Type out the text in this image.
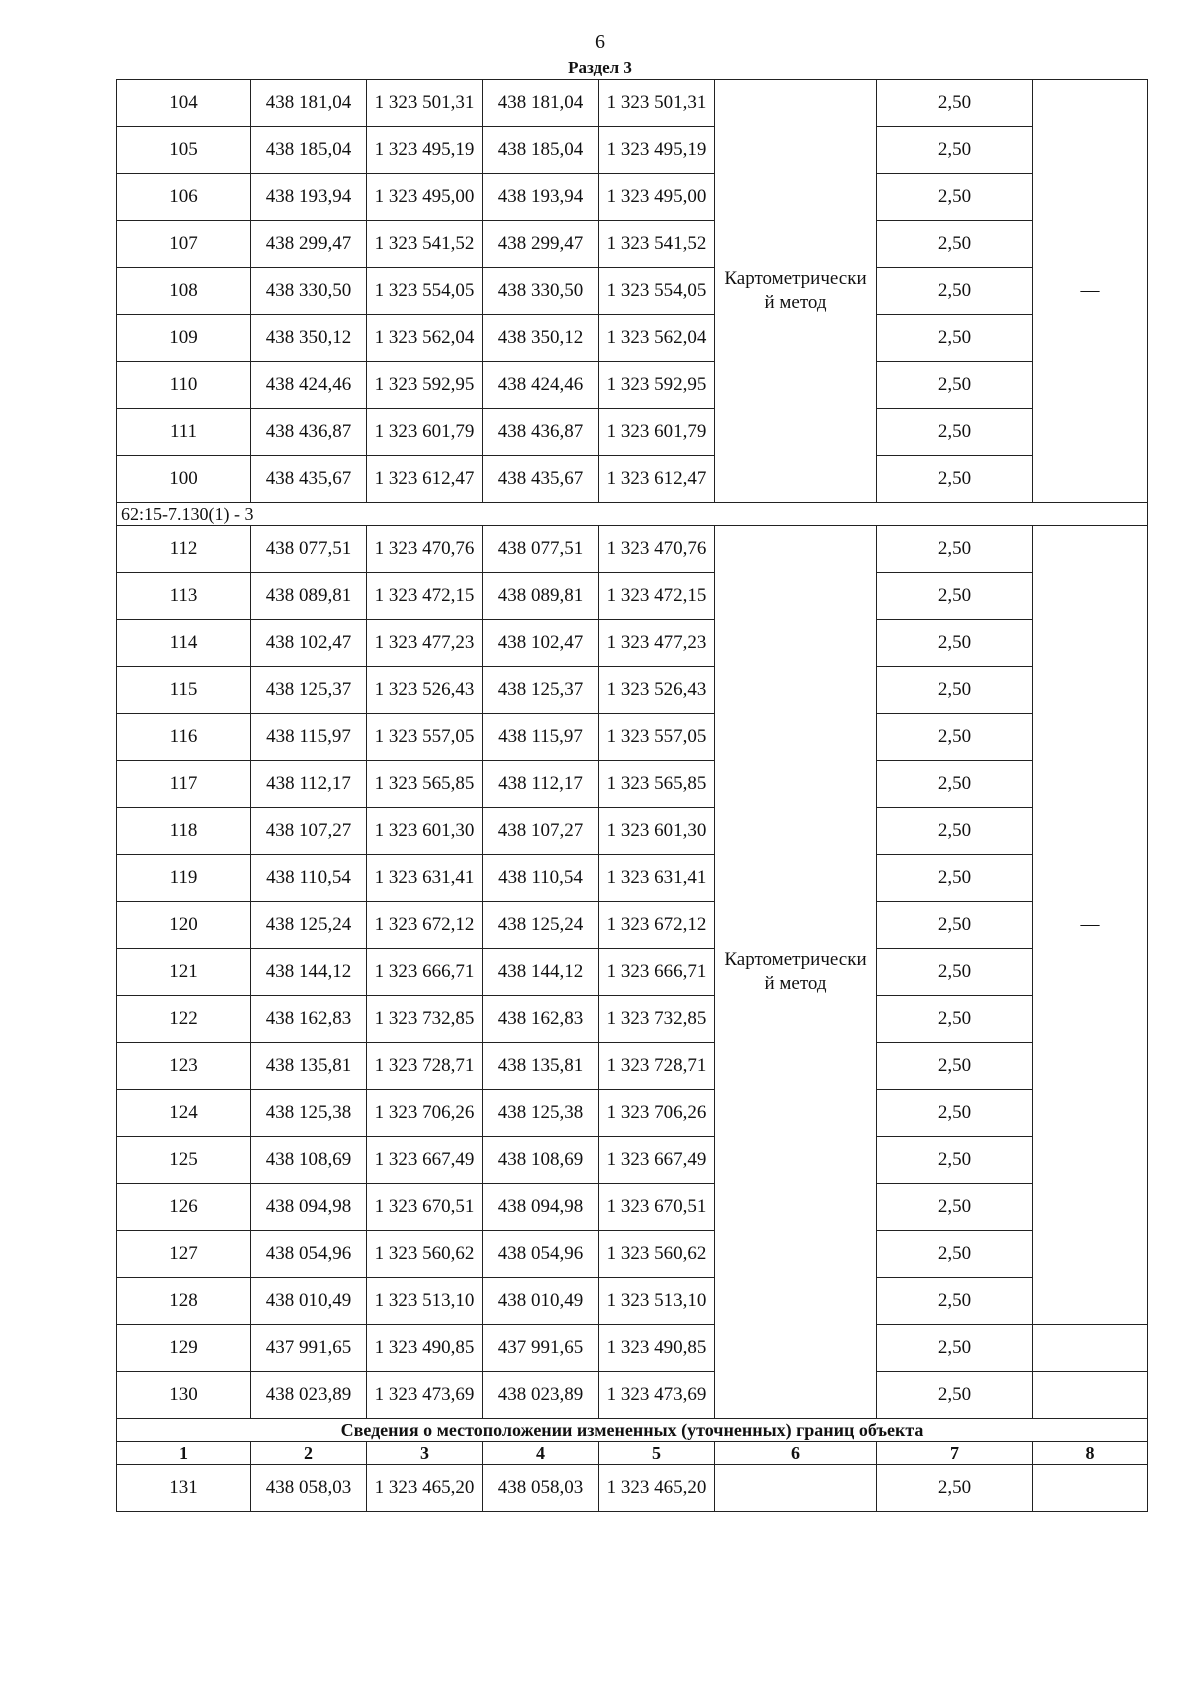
6
Раздел 3
104	438 181,04	1 323 501,31	438 181,04	1 323 501,31	Картометрически й метод	2,50	—
105	438 185,04	1 323 495,19	438 185,04	1 323 495,19		2,50	
106	438 193,94	1 323 495,00	438 193,94	1 323 495,00		2,50	
107	438 299,47	1 323 541,52	438 299,47	1 323 541,52		2,50	
108	438 330,50	1 323 554,05	438 330,50	1 323 554,05		2,50	
109	438 350,12	1 323 562,04	438 350,12	1 323 562,04		2,50	
110	438 424,46	1 323 592,95	438 424,46	1 323 592,95		2,50	
111	438 436,87	1 323 601,79	438 436,87	1 323 601,79		2,50	
100	438 435,67	1 323 612,47	438 435,67	1 323 612,47		2,50	
62:15-7.130(1) - 3							
112	438 077,51	1 323 470,76	438 077,51	1 323 470,76	Картометрически й метод	2,50	—
113	438 089,81	1 323 472,15	438 089,81	1 323 472,15		2,50	
114	438 102,47	1 323 477,23	438 102,47	1 323 477,23		2,50	
115	438 125,37	1 323 526,43	438 125,37	1 323 526,43		2,50	
116	438 115,97	1 323 557,05	438 115,97	1 323 557,05		2,50	
117	438 112,17	1 323 565,85	438 112,17	1 323 565,85		2,50	
118	438 107,27	1 323 601,30	438 107,27	1 323 601,30		2,50	
119	438 110,54	1 323 631,41	438 110,54	1 323 631,41		2,50	
120	438 125,24	1 323 672,12	438 125,24	1 323 672,12		2,50	
121	438 144,12	1 323 666,71	438 144,12	1 323 666,71		2,50	
122	438 162,83	1 323 732,85	438 162,83	1 323 732,85		2,50	
123	438 135,81	1 323 728,71	438 135,81	1 323 728,71		2,50	
124	438 125,38	1 323 706,26	438 125,38	1 323 706,26		2,50	
125	438 108,69	1 323 667,49	438 108,69	1 323 667,49		2,50	
126	438 094,98	1 323 670,51	438 094,98	1 323 670,51		2,50	
127	438 054,96	1 323 560,62	438 054,96	1 323 560,62		2,50	
128	438 010,49	1 323 513,10	438 010,49	1 323 513,10		2,50	
129	437 991,65	1 323 490,85	437 991,65	1 323 490,85		2,50	
130	438 023,89	1 323 473,69	438 023,89	1 323 473,69		2,50	
Сведения о местоположении измененных (уточненных) границ объекта							
1	2	3	4	5	6	7	8
131	438 058,03	1 323 465,20	438 058,03	1 323 465,20		2,50	
